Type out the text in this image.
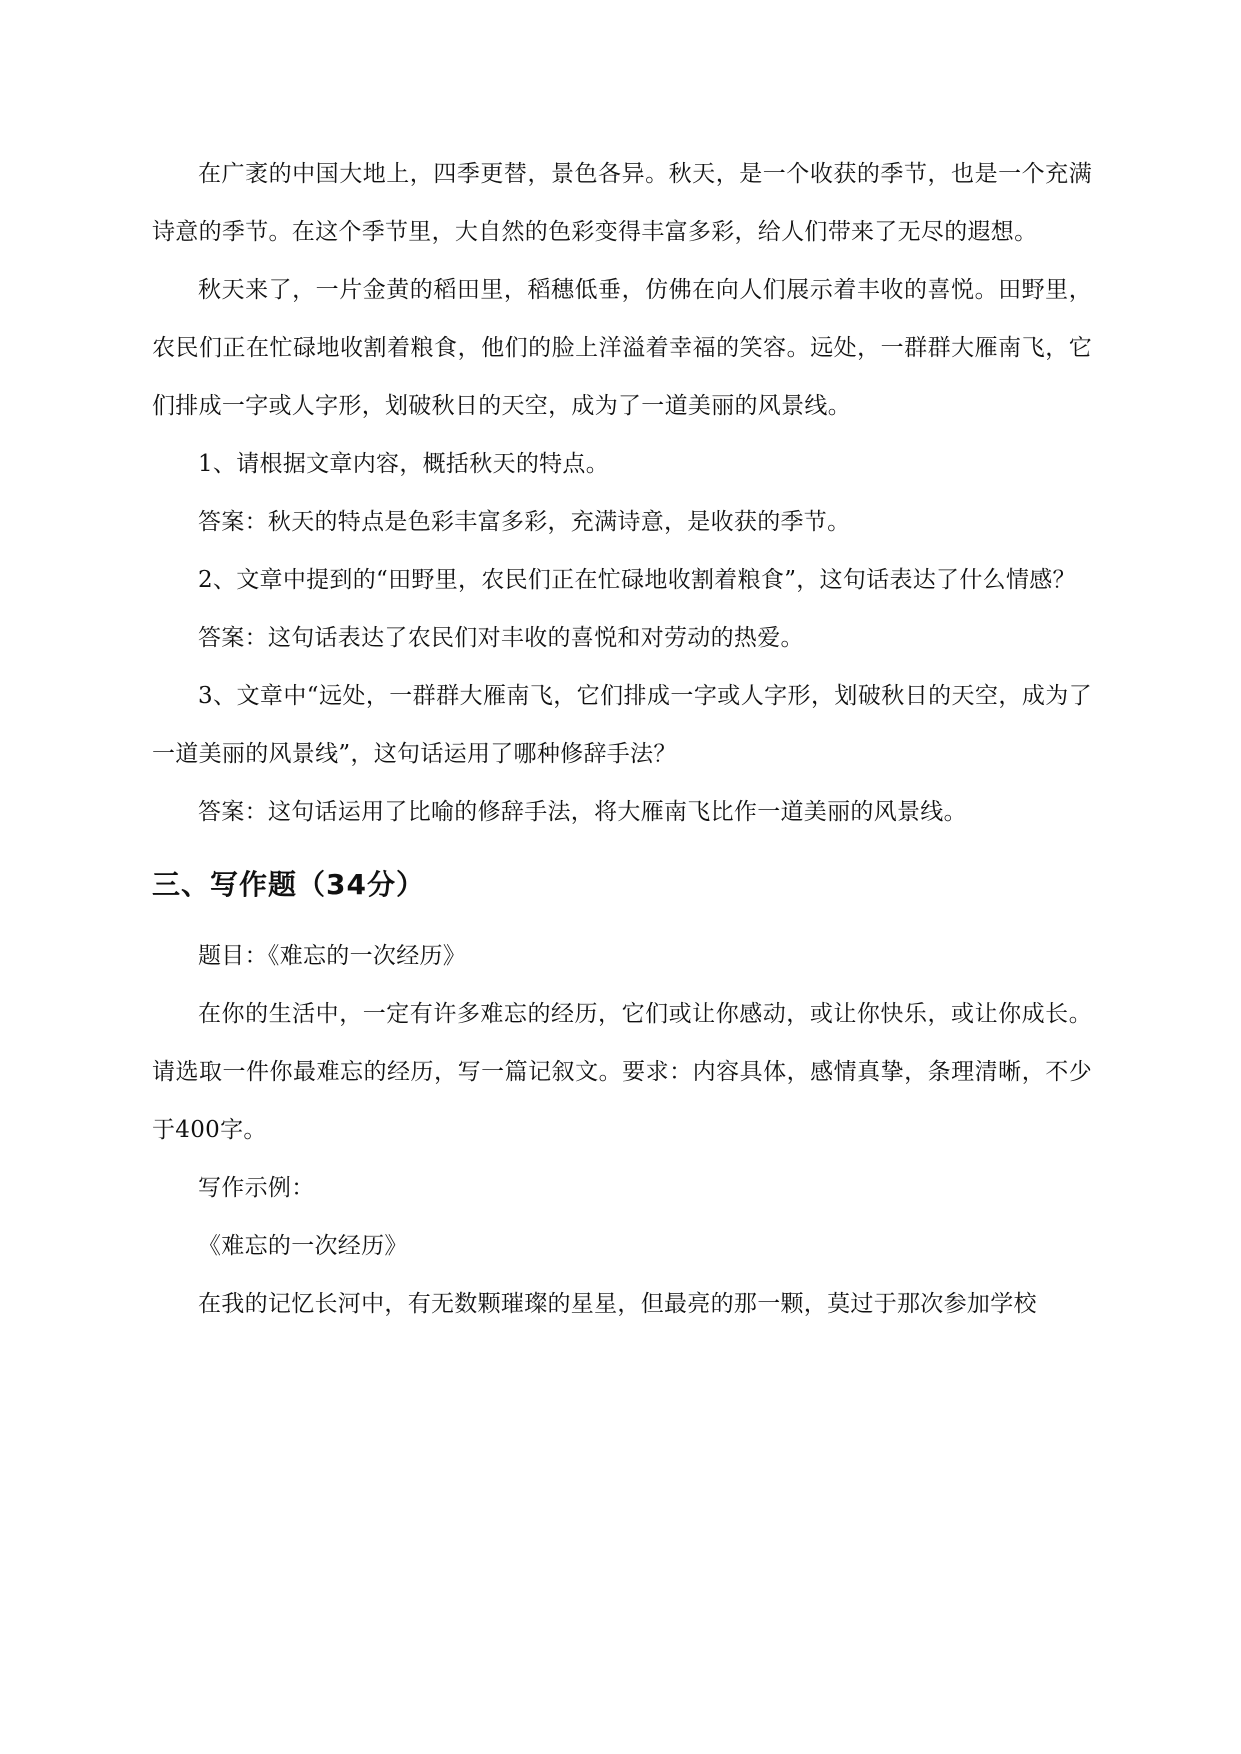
在广袤的中国大地上，四季更替，景色各异。秋天，是一个收获的季节，也是一个充满诗意的季节。在这个季节里，大自然的色彩变得丰富多彩，给人们带来了无尽的遐想。

秋天来了，一片金黄的稻田里，稻穗低垂，仿佛在向人们展示着丰收的喜悦。田野里，农民们正在忙碌地收割着粮食，他们的脸上洋溢着幸福的笑容。远处，一群群大雁南飞，它们排成一字或人字形，划破秋日的天空，成为了一道美丽的风景线。

1、请根据文章内容，概括秋天的特点。

答案：秋天的特点是色彩丰富多彩，充满诗意，是收获的季节。

2、文章中提到的“田野里，农民们正在忙碌地收割着粮食”，这句话表达了什么情感？

答案：这句话表达了农民们对丰收的喜悦和对劳动的热爱。

3、文章中“远处，一群群大雁南飞，它们排成一字或人字形，划破秋日的天空，成为了一道美丽的风景线”，这句话运用了哪种修辞手法？

答案：这句话运用了比喻的修辞手法，将大雁南飞比作一道美丽的风景线。

三、写作题（34分）

题目：《难忘的一次经历》

在你的生活中，一定有许多难忘的经历，它们或让你感动，或让你快乐，或让你成长。请选取一件你最难忘的经历，写一篇记叙文。要求：内容具体，感情真挚，条理清晰，不少于400字。

写作示例：

《难忘的一次经历》

在我的记忆长河中，有无数颗璀璨的星星，但最亮的那一颗，莫过于那次参加学校
